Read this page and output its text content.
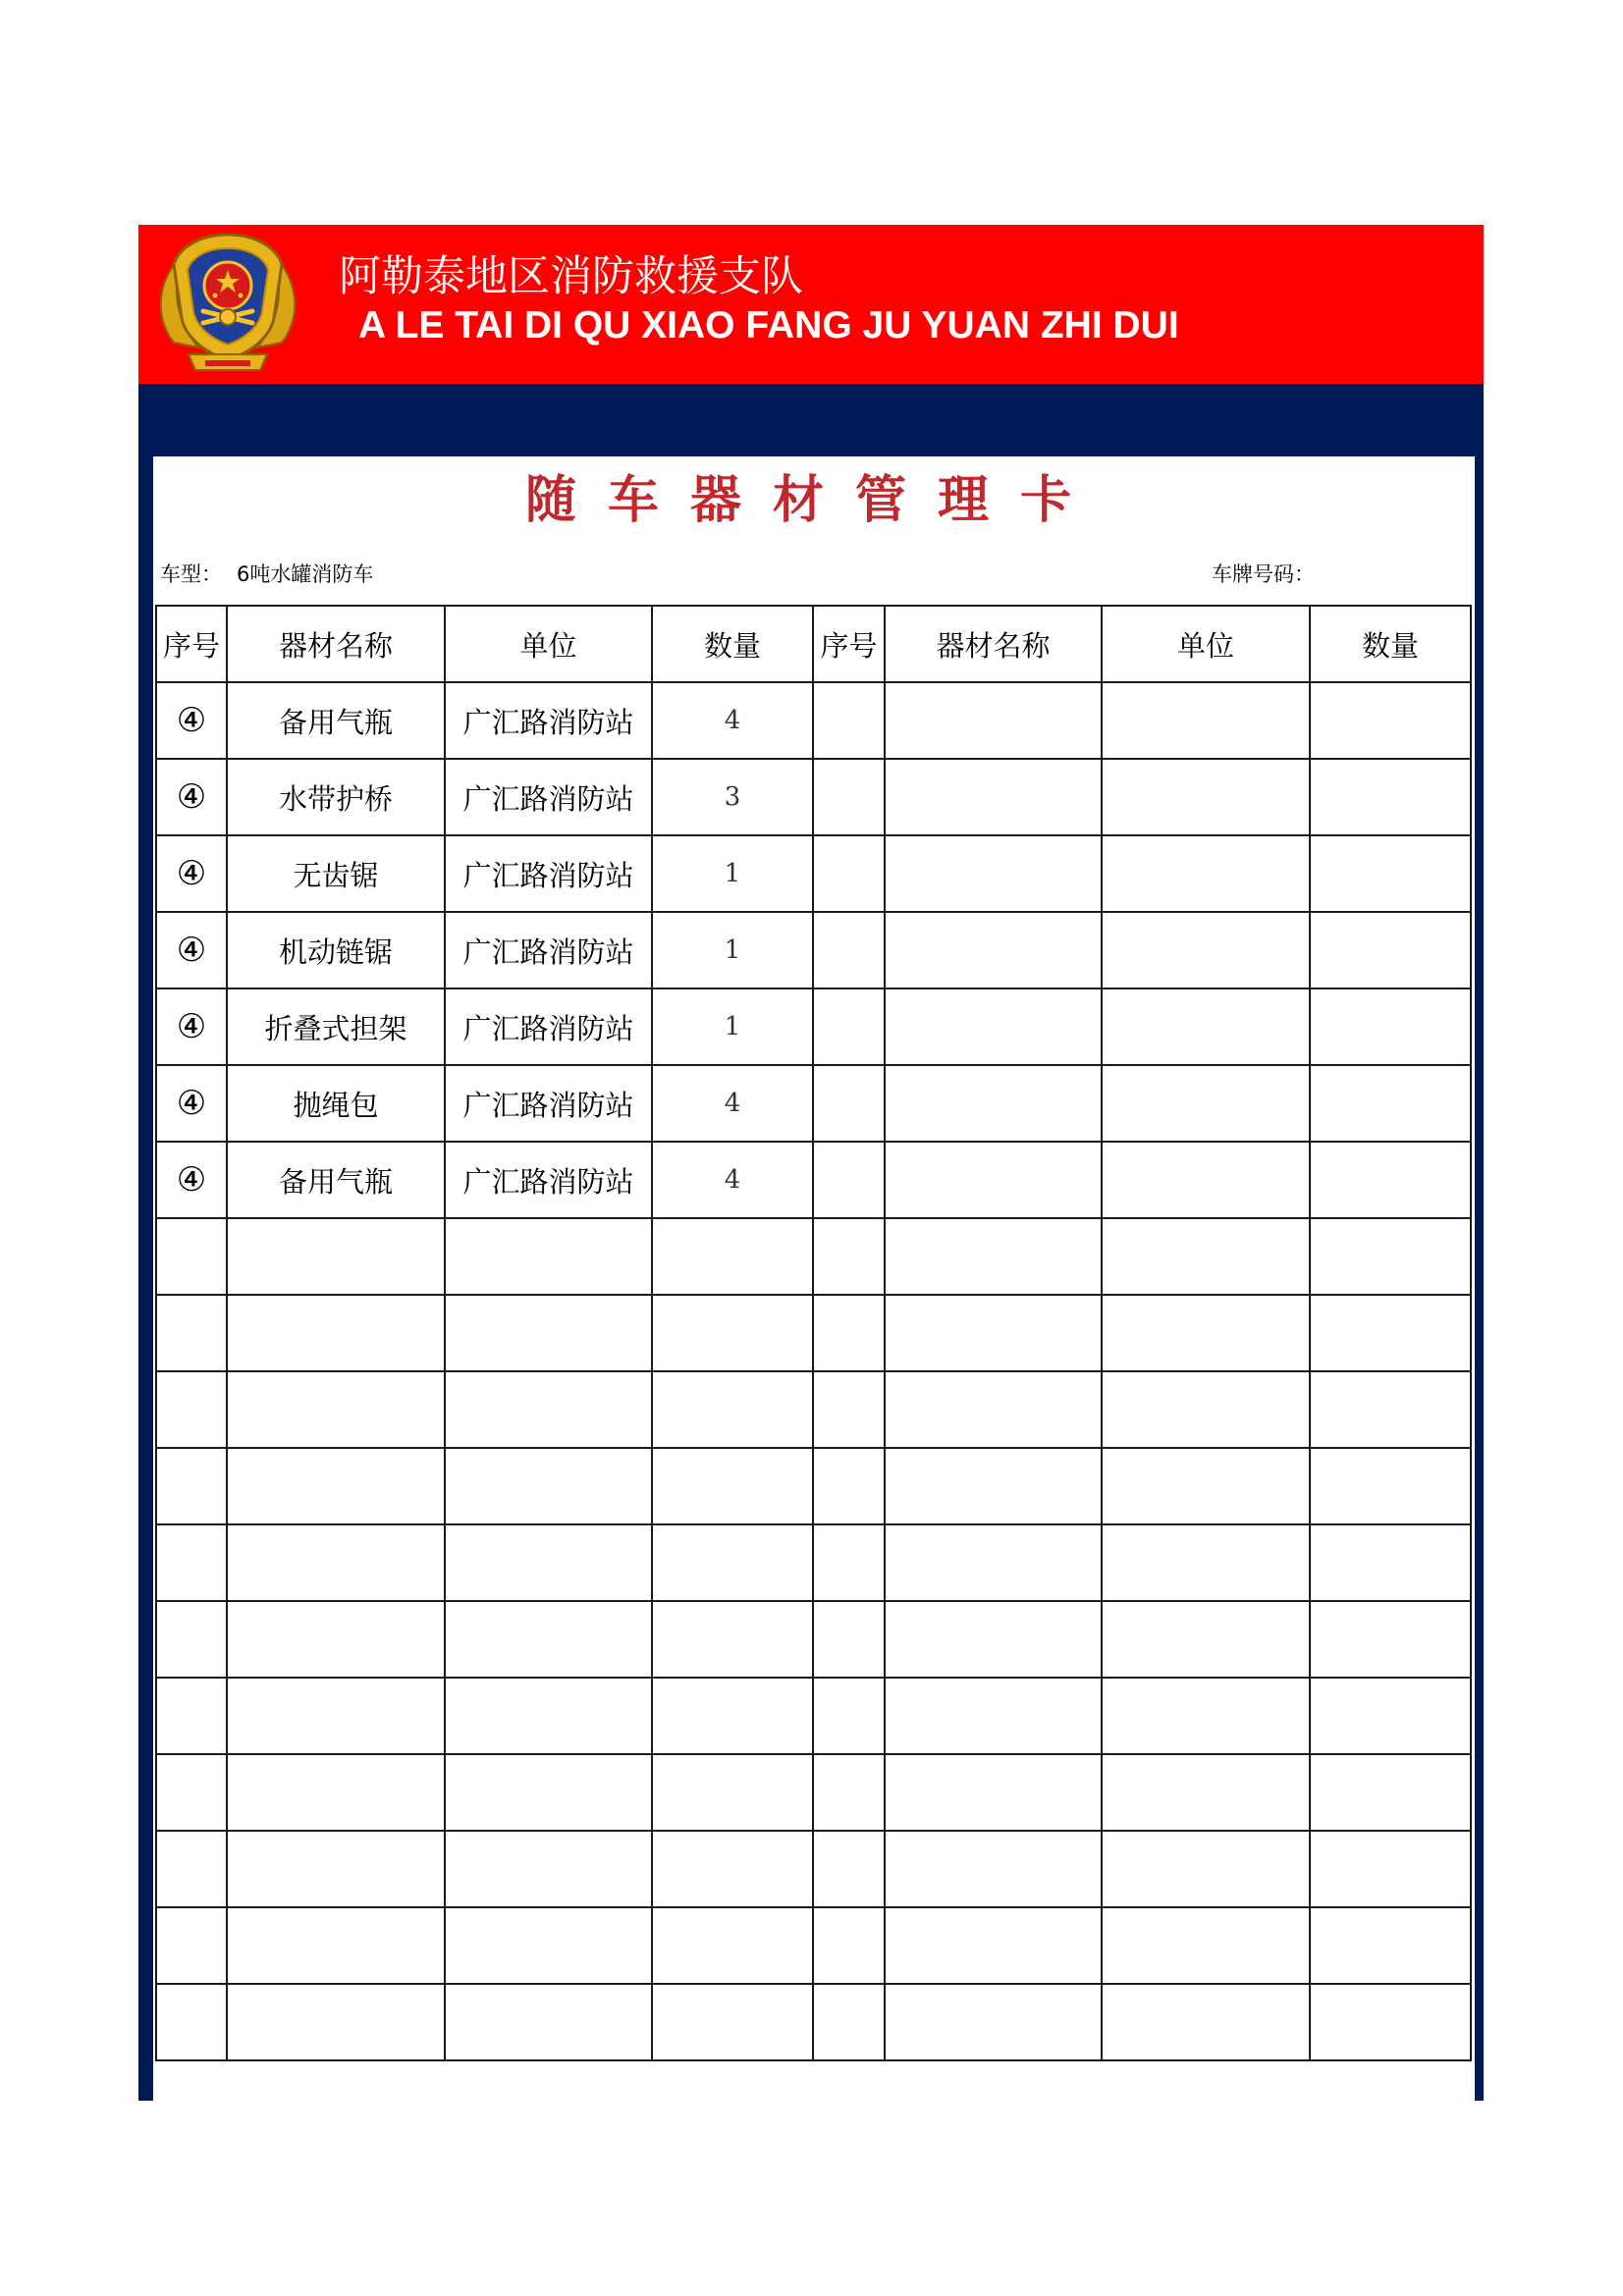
阿勒泰地区消防救援支队
A LE TAI DI QU XIAO FANG JU YUAN ZHI DUI
随车器材管理卡
车型： 6吨水罐消防车	车牌号码：
序号	器材名称	单位	数量	序号	器材名称	单位	数量
④	备用气瓶	广汇路消防站	4				
④	水带护桥	广汇路消防站	3				
④	无齿锯	广汇路消防站	1				
④	机动链锯	广汇路消防站	1				
④	折叠式担架	广汇路消防站	1				
④	抛绳包	广汇路消防站	4				
④	备用气瓶	广汇路消防站	4				
